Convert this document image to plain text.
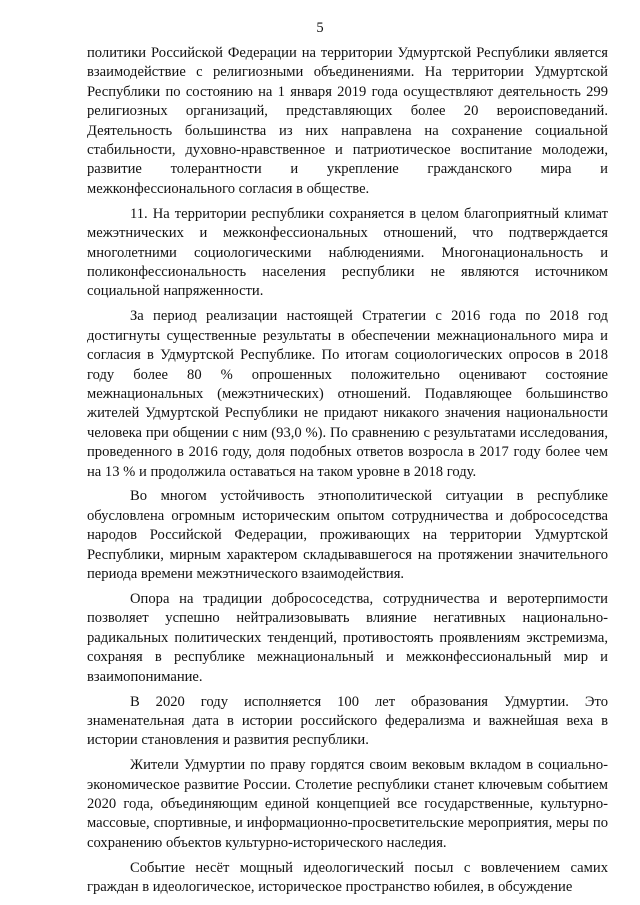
5

политики Российской Федерации на территории Удмуртской Республики является взаимодействие с религиозными объединениями. На территории Удмуртской Республики по состоянию на 1 января 2019 года осуществляют деятельность 299 религиозных организаций, представляющих более 20 вероисповеданий. Деятельность большинства из них направлена на сохранение социальной стабильности, духовно-нравственное и патриотическое воспитание молодежи, развитие толерантности и укрепление гражданского мира и межконфессионального согласия в обществе.

11. На территории республики сохраняется в целом благоприятный климат межэтнических и межконфессиональных отношений, что подтверждается многолетними социологическими наблюдениями. Многонациональность и поликонфессиональность населения республики не являются источником социальной напряженности.

За период реализации настоящей Стратегии с 2016 года по 2018 год достигнуты существенные результаты в обеспечении межнационального мира и согласия в Удмуртской Республике. По итогам социологических опросов в 2018 году более 80 % опрошенных положительно оценивают состояние межнациональных (межэтнических) отношений. Подавляющее большинство жителей Удмуртской Республики не придают никакого значения национальности человека при общении с ним (93,0 %). По сравнению с результатами исследования, проведенного в 2016 году, доля подобных ответов возросла в 2017 году более чем на 13 % и продолжила оставаться на таком уровне в 2018 году.

Во многом устойчивость этнополитической ситуации в республике обусловлена огромным историческим опытом сотрудничества и добрососедства народов Российской Федерации, проживающих на территории Удмуртской Республики, мирным характером складывавшегося на протяжении значительного периода времени межэтнического взаимодействия.

Опора на традиции добрососедства, сотрудничества и веротерпимости позволяет успешно нейтрализовывать влияние негативных национально-радикальных политических тенденций, противостоять проявлениям экстремизма, сохраняя в республике межнациональный и межконфессиональный мир и взаимопонимание.

В 2020 году исполняется 100 лет образования Удмуртии. Это знаменательная дата в истории российского федерализма и важнейшая веха в истории становления и развития республики.

Жители Удмуртии по праву гордятся своим вековым вкладом в социально-экономическое развитие России. Столетие республики станет ключевым событием 2020 года, объединяющим единой концепцией все государственные, культурно-массовые, спортивные, и информационно-просветительские мероприятия, меры по сохранению объектов культурно-исторического наследия.

Событие несёт мощный идеологический посыл с вовлечением самих граждан в идеологическое, историческое пространство юбилея, в обсуждение
